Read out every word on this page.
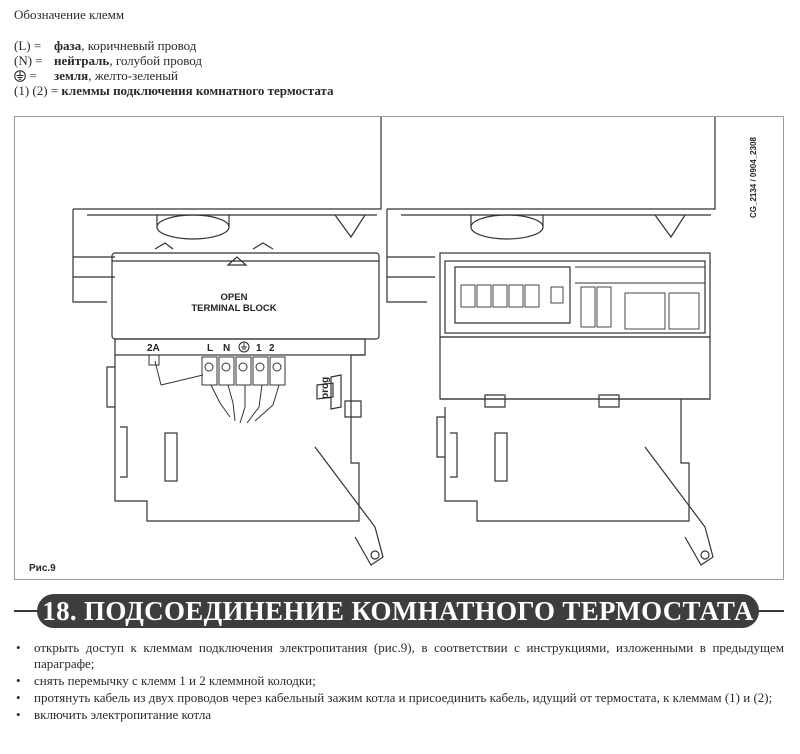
Обозначение клемм
(L) = фаза, коричневый провод
(N) = нейтраль, голубой провод
= земля, желто-зеленый
(1) (2) = клеммы подключения комнатного термостата
OPEN
TERMINAL BLOCK
2A	L N	1 2
prog
Рис.9
CG_2134 / 0904_2308
18. ПОДСОЕДИНЕНИЕ КОМНАТНОГО ТЕРМОСТАТА
• открыть доступ к клеммам подключения электропитания (рис.9), в соответствии с инструкциями, изложенными в предыдущем параграфе;
• снять перемычку с клемм 1 и 2 клеммной колодки;
• протянуть кабель из двух проводов через кабельный зажим котла и присоединить кабель, идущий от термостата, к клеммам (1) и (2);
• включить электропитание котла
